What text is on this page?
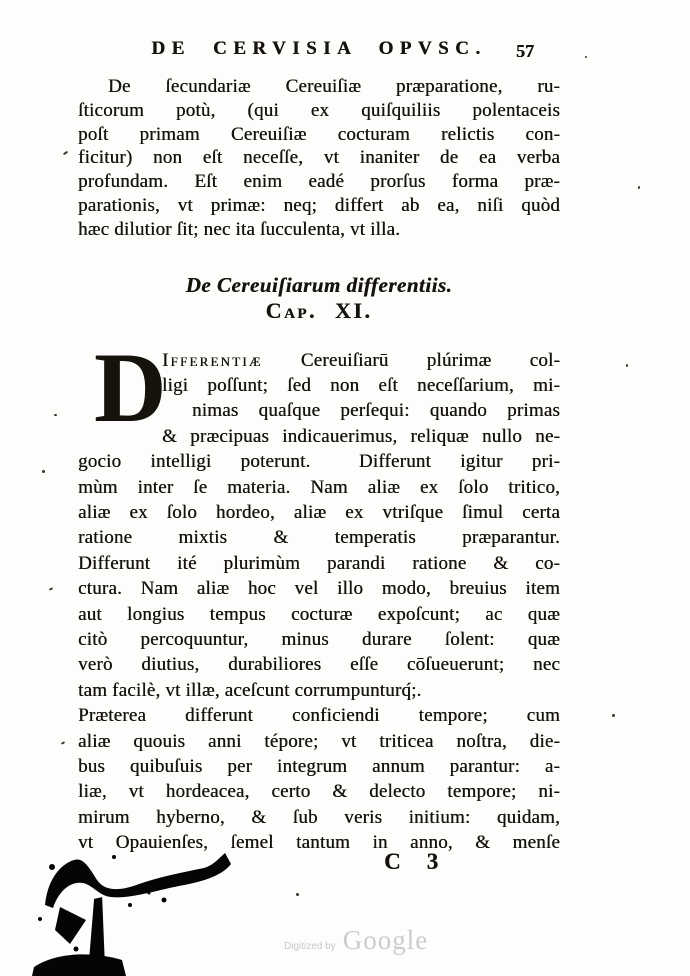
DE CERVISIA OPVSC. 57
De ſecundariæ Cereuiſiæ præparatione, ru-
ſticorum potù, (qui ex quiſquiliis polentaceis
poſt primam Cereuiſiæ cocturam relictis con-
ficitur) non eſt neceſſe, vt inaniter de ea verba
profundam. Eſt enim eadé prorſus forma præ-
parationis, vt primæ: neq; differt ab ea, niſi quòd
hæc dilutior ſit; nec ita ſucculenta, vt illa.
De Cereuiſiarum differentiis.
Cap. XI.
D
Ifferentiæ Cereuiſiarū plúrimæ col-
ligi poſſunt; ſed non eſt neceſſarium, mi-
nimas quaſque perſequi: quando primas
& præcipuas indicauerimus, reliquæ nullo ne-
gocio intelligi poterunt.  Differunt igitur pri-
mùm inter ſe materia. Nam aliæ ex ſolo tritico,
aliæ ex ſolo hordeo, aliæ ex vtriſque ſimul certa
ratione mixtis & temperatis præparantur.
Differunt ité plurimùm parandi ratione & co-
ctura. Nam aliæ hoc vel illo modo, breuius item
aut longius tempus cocturæ expoſcunt; ac quæ
citò percoquuntur, minus durare ſolent: quæ
verò diutius, durabiliores eſſe cōſueuerunt; nec
tam facilè, vt illæ, aceſcunt corrumpunturq́;.
Præterea differunt conficiendi tempore; cum
aliæ quouis anni tépore; vt triticea noſtra, die-
bus quibuſuis per integrum annum parantur: a-
liæ, vt hordeacea, certo & delecto tempore; ni-
mirum hyberno, & ſub veris initium: quidam,
vt Opauienſes, ſemel tantum in anno, & menſe
C 3
Digitized by Google
